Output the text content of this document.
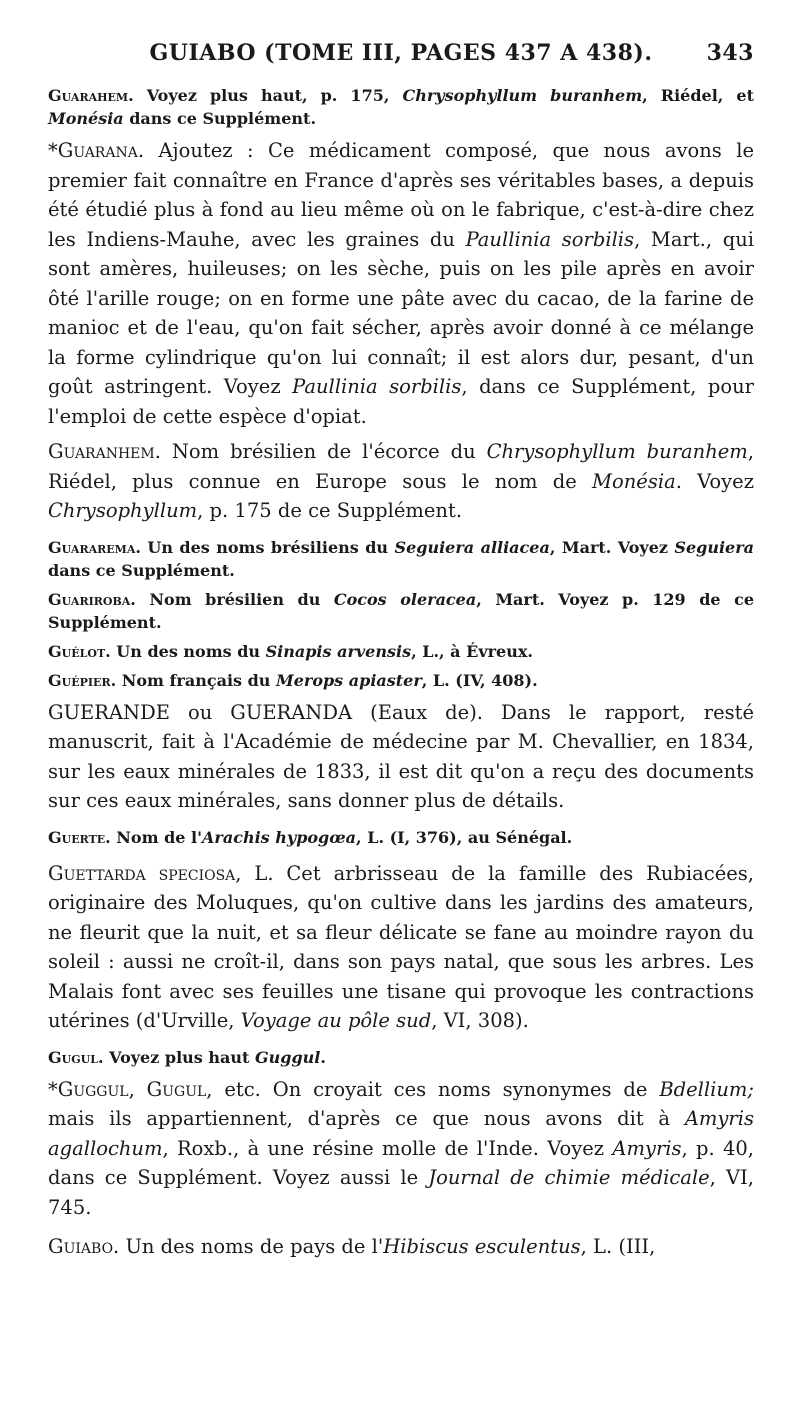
GUIABO (TOME III, PAGES 437 A 438). 343

Guarahem. Voyez plus haut, p. 175, Chrysophyllum buranhem, Riédel, et Monésia dans ce Supplément.

*Guarana. Ajoutez : Ce médicament composé, que nous avons le premier fait connaître en France d'après ses véritables bases, a depuis été étudié plus à fond au lieu même où on le fabrique, c'est-à-dire chez les Indiens-Mauhe, avec les graines du Paullinia sorbilis, Mart., qui sont amères, huileuses; on les sèche, puis on les pile après en avoir ôté l'arille rouge; on en forme une pâte avec du cacao, de la farine de manioc et de l'eau, qu'on fait sécher, après avoir donné à ce mélange la forme cylindrique qu'on lui connaît; il est alors dur, pesant, d'un goût astringent. Voyez Paullinia sorbilis, dans ce Supplément, pour l'emploi de cette espèce d'opiat.

Guaranhem. Nom brésilien de l'écorce du Chrysophyllum buranhem, Riédel, plus connue en Europe sous le nom de Monésia. Voyez Chrysophyllum, p. 175 de ce Supplément.

Guararema. Un des noms brésiliens du Seguiera alliacea, Mart. Voyez Seguiera dans ce Supplément.

Guariroba. Nom brésilien du Cocos oleracea, Mart. Voyez p. 129 de ce Supplément.

Guélot. Un des noms du Sinapis arvensis, L., à Évreux.

Guépier. Nom français du Merops apiaster, L. (IV, 408).

GUERANDE ou GUERANDA (Eaux de). Dans le rapport, resté manuscrit, fait à l'Académie de médecine par M. Chevallier, en 1834, sur les eaux minérales de 1833, il est dit qu'on a reçu des documents sur ces eaux minérales, sans donner plus de détails.

Guerte. Nom de l'Arachis hypogœa, L. (I, 376), au Sénégal.

Guettarda speciosa, L. Cet arbrisseau de la famille des Rubiacées, originaire des Moluques, qu'on cultive dans les jardins des amateurs, ne fleurit que la nuit, et sa fleur délicate se fane au moindre rayon du soleil : aussi ne croît-il, dans son pays natal, que sous les arbres. Les Malais font avec ses feuilles une tisane qui provoque les contractions utérines (d'Urville, Voyage au pôle sud, VI, 308).

Gugul. Voyez plus haut Guggul.

*Guggul, Gugul, etc. On croyait ces noms synonymes de Bdellium; mais ils appartiennent, d'après ce que nous avons dit à Amyris agallochum, Roxb., à une résine molle de l'Inde. Voyez Amyris, p. 40, dans ce Supplément. Voyez aussi le Journal de chimie médicale, VI, 745.

Guiabo. Un des noms de pays de l'Hibiscus esculentus, L. (III,
